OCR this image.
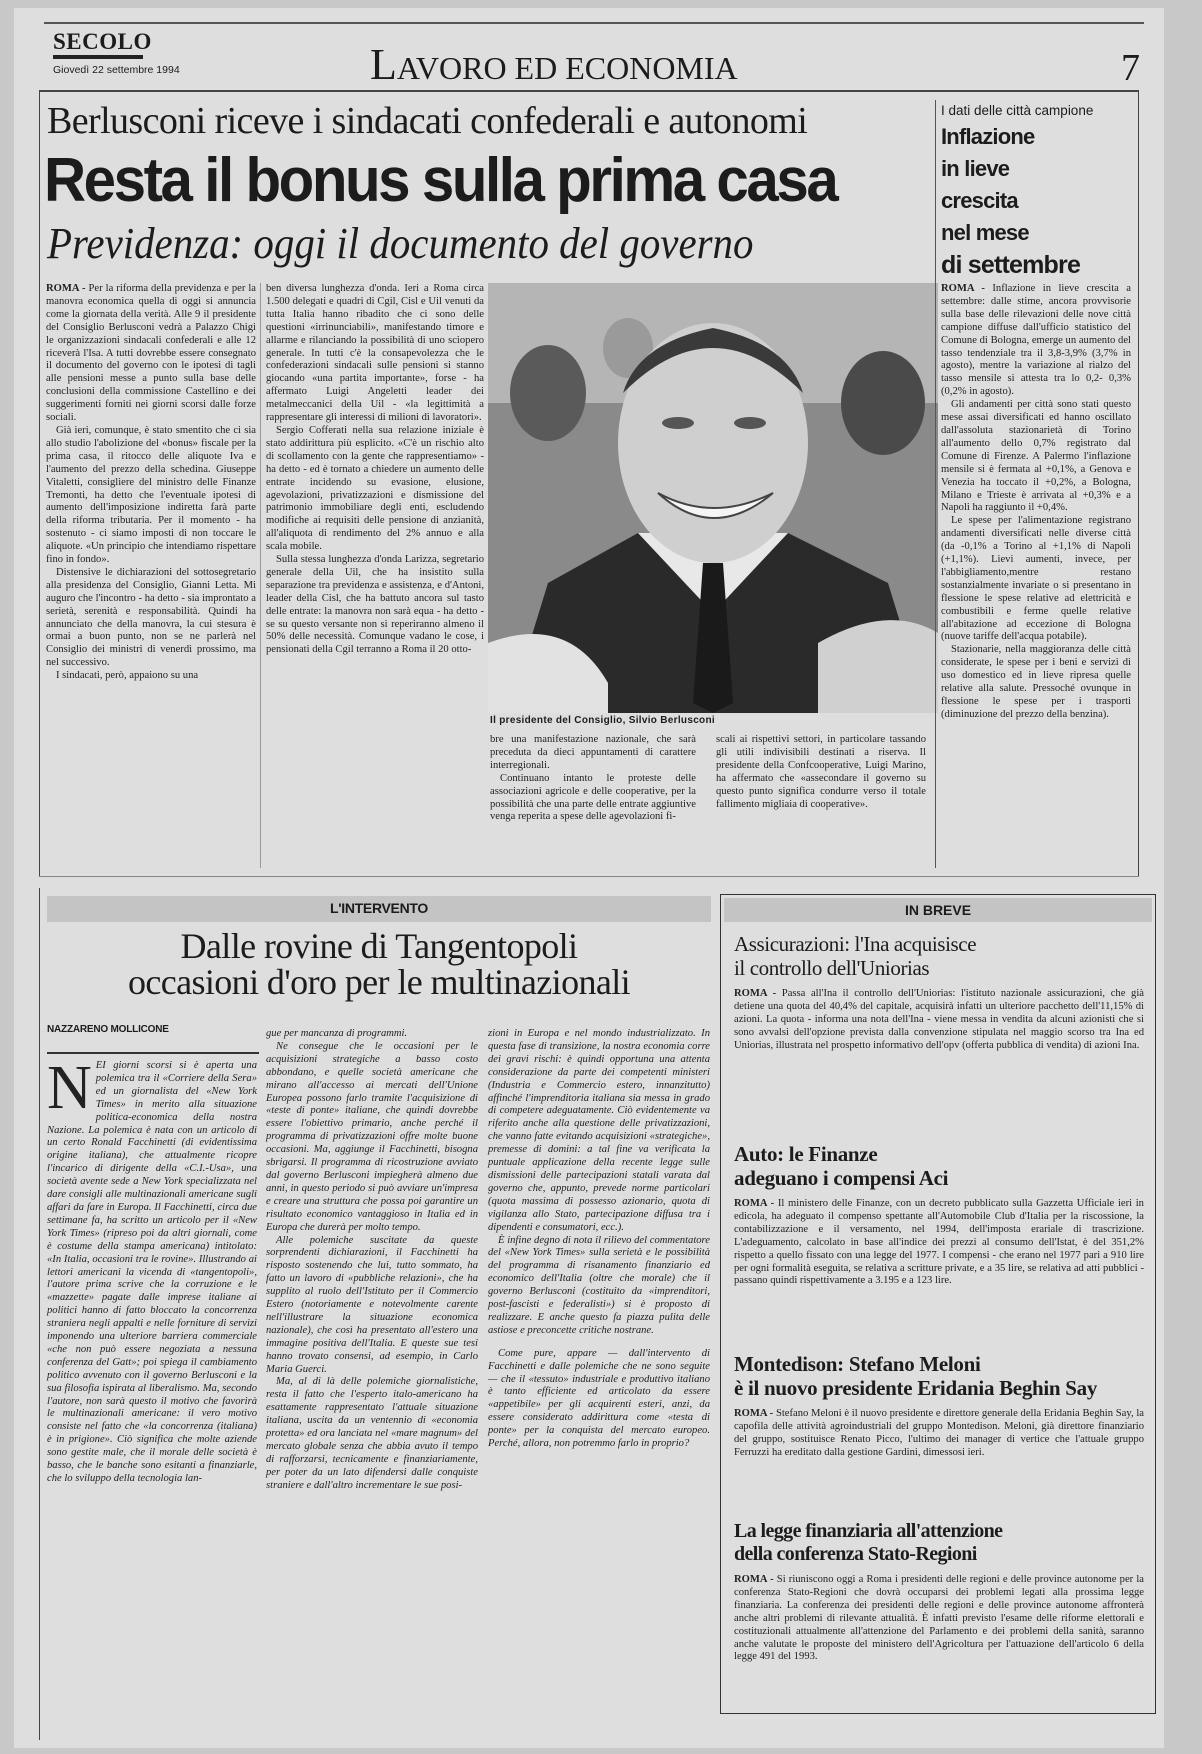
SECOLO
Giovedì 22 settembre 1994	LAVORO ED ECONOMIA	7
Berlusconi riceve i sindacati confederali e autonomi
Resta il bonus sulla prima casa
Previdenza: oggi il documento del governo

ROMA - Per la riforma della previdenza e per la manovra economica quella di oggi si annuncia come la giornata della verità. Alle 9 il presidente del Consiglio Berlusconi vedrà a Palazzo Chigi le organizzazioni sindacali confederali e alle 12 riceverà l'Isa. A tutti dovrebbe essere consegnato il documento del governo con le ipotesi di tagli alle pensioni messe a punto sulla base delle conclusioni della commissione Castellino e dei suggerimenti forniti nei giorni scorsi dalle forze sociali.

Già ieri, comunque, è stato smentito che ci sia allo studio l'abolizione del «bonus» fiscale per la prima casa, il ritocco delle aliquote Iva e l'aumento del prezzo della schedina. Giuseppe Vitaletti, consigliere del ministro delle Finanze Tremonti, ha detto che l'eventuale ipotesi di aumento dell'imposizione indiretta farà parte della riforma tributaria. Per il momento - ha sostenuto - ci siamo imposti di non toccare le aliquote. «Un principio che intendiamo rispettare fino in fondo».

Distensive le dichiarazioni del sottosegretario alla presidenza del Consiglio, Gianni Letta. Mi auguro che l'incontro - ha detto - sia improntato a serietà, serenità e responsabilità. Quindi ha annunciato che della manovra, la cui stesura è ormai a buon punto, non se ne parlerà nel Consiglio dei ministri di venerdì prossimo, ma nel successivo.

I sindacati, però, appaiono su una

ben diversa lunghezza d'onda. Ieri a Roma circa 1.500 delegati e quadri di Cgil, Cisl e Uil venuti da tutta Italia hanno ribadito che ci sono delle questioni «irrinunciabili», manifestando timore e allarme e rilanciando la possibilità di uno sciopero generale. In tutti c'è la consapevolezza che le confederazioni sindacali sulle pensioni si stanno giocando «una partita importante», forse - ha affermato Luigi Angeletti leader dei metalmeccanici della Uil - «la legittimità a rappresentare gli interessi di milioni di lavoratori».

Sergio Cofferati nella sua relazione iniziale è stato addirittura più esplicito. «C'è un rischio alto di scollamento con la gente che rappresentiamo» - ha detto - ed è tornato a chiedere un aumento delle entrate incidendo su evasione, elusione, agevolazioni, privatizzazioni e dismissione del patrimonio immobiliare degli enti, escludendo modifiche ai requisiti delle pensione di anzianità, all'aliquota di rendimento del 2% annuo e alla scala mobile.

Sulla stessa lunghezza d'onda Larizza, segretario generale della Uil, che ha insistito sulla separazione tra previdenza e assistenza, e d'Antoni, leader della Cisl, che ha battuto ancora sul tasto delle entrate: la manovra non sarà equa - ha detto - se su questo versante non si reperiranno almeno il 50% delle necessità. Comunque vadano le cose, i pensionati della Cgil terranno a Roma il 20 otto-

Il presidente del Consiglio, Silvio Berlusconi

bre una manifestazione nazionale, che sarà preceduta da dieci appuntamenti di carattere interregionali.

Continuano intanto le proteste delle associazioni agricole e delle cooperative, per la possibilità che una parte delle entrate aggiuntive venga reperita a spese delle agevolazioni fi-

scali ai rispettivi settori, in particolare tassando gli utili indivisibili destinati a riserva. Il presidente della Confcooperative, Luigi Marino, ha affermato che «assecondare il governo su questo punto significa condurre verso il totale fallimento migliaia di cooperative».

I dati delle città campione
Inflazione
in lieve
crescita
nel mese
di settembre

ROMA - Inflazione in lieve crescita a settembre: dalle stime, ancora provvisorie sulla base delle rilevazioni delle nove città campione diffuse dall'ufficio statistico del Comune di Bologna, emerge un aumento del tasso tendenziale tra il 3,8-3,9% (3,7% in agosto), mentre la variazione al rialzo del tasso mensile si attesta tra lo 0,2- 0,3% (0,2% in agosto).

Gli andamenti per città sono stati questo mese assai diversificati ed hanno oscillato dall'assoluta stazionarietà di Torino all'aumento dello 0,7% registrato dal Comune di Firenze. A Palermo l'inflazione mensile si è fermata al +0,1%, a Genova e Venezia ha toccato il +0,2%, a Bologna, Milano e Trieste è arrivata al +0,3% e a Napoli ha raggiunto il +0,4%.

Le spese per l'alimentazione registrano andamenti diversificati nelle diverse città (da -0,1% a Torino al +1,1% di Napoli (+1,1%). Lievi aumenti, invece, per l'abbigliamento,mentre restano sostanzialmente invariate o si presentano in flessione le spese relative ad elettricità e combustibili e ferme quelle relative all'abitazione ad eccezione di Bologna (nuove tariffe dell'acqua potabile).

Stazionarie, nella maggioranza delle città considerate, le spese per i beni e servizi di uso domestico ed in lieve ripresa quelle relative alla salute. Pressoché ovunque in flessione le spese per i trasporti (diminuzione del prezzo della benzina).

L'INTERVENTO
Dalle rovine di Tangentopoli
occasioni d'oro per le multinazionali
NAZZARENO MOLLICONE

NEI giorni scorsi si è aperta una polemica tra il «Corriere della Sera» ed un giornalista del «New York Times» in merito alla situazione politica-economica della nostra Nazione. La polemica è nata con un articolo di un certo Ronald Facchinetti (di evidentissima origine italiana), che attualmente ricopre l'incarico di dirigente della «C.I.-Usa», una società avente sede a New York specializzata nel dare consigli alle multinazionali americane sugli affari da fare in Europa. Il Facchinetti, circa due settimane fa, ha scritto un articolo per il «New York Times» (ripreso poi da altri giornali, come è costume della stampa americana) intitolato: «In Italia, occasioni tra le rovine». Illustrando ai lettori americani la vicenda di «tangentopoli», l'autore prima scrive che la corruzione e le «mazzette» pagate dalle imprese italiane ai politici hanno di fatto bloccato la concorrenza straniera negli appalti e nelle forniture di servizi imponendo una ulteriore barriera commerciale «che non può essere negoziata a nessuna conferenza del Gatt»; poi spiega il cambiamento politico avvenuto con il governo Berlusconi e la sua filosofia ispirata al liberalismo. Ma, secondo l'autore, non sarà questo il motivo che favorirà le multinazionali americane: il vero motivo consiste nel fatto che «la concorrenza (italiana) è in prigione». Ciò significa che molte aziende sono gestite male, che il morale delle società è basso, che le banche sono esitanti a finanziarle, che lo sviluppo della tecnologia lan-

gue per mancanza di programmi.

Ne consegue che le occasioni per le acquisizioni strategiche a basso costo abbondano, e quelle società americane che mirano all'accesso ai mercati dell'Unione Europea possono farlo tramite l'acquisizione di «teste di ponte» italiane, che quindi dovrebbe essere l'obiettivo primario, anche perché il programma di privatizzazioni offre molte buone occasioni. Ma, aggiunge il Facchinetti, bisogna sbrigarsi. Il programma di ricostruzione avviato dal governo Berlusconi impiegherà almeno due anni, in questo periodo si può avviare un'impresa e creare una struttura che possa poi garantire un risultato economico vantaggioso in Italia ed in Europa che durerà per molto tempo.

Alle polemiche suscitate da queste sorprendenti dichiarazioni, il Facchinetti ha risposto sostenendo che lui, tutto sommato, ha fatto un lavoro di «pubbliche relazioni», che ha supplito al ruolo dell'Istituto per il Commercio Estero (notoriamente e notevolmente carente nell'illustrare la situazione economica nazionale), che così ha presentato all'estero una immagine positiva dell'Italia. E queste sue tesi hanno trovato consensi, ad esempio, in Carlo Maria Guerci.

Ma, al di là delle polemiche giornalistiche, resta il fatto che l'esperto italo-americano ha esattamente rappresentato l'attuale situazione italiana, uscita da un ventennio di «economia protetta» ed ora lanciata nel «mare magnum» del mercato globale senza che abbia avuto il tempo di rafforzarsi, tecnicamente e finanziariamente, per poter da un lato difendersi dalle conquiste straniere e dall'altro incrementare le sue posi-

zioni in Europa e nel mondo industrializzato. In questa fase di transizione, la nostra economia corre dei gravi rischi: è quindi opportuna una attenta considerazione da parte dei competenti ministeri (Industria e Commercio estero, innanzitutto) affinché l'imprenditoria italiana sia messa in grado di competere adeguatamente. Ciò evidentemente va riferito anche alla questione delle privatizzazioni, che vanno fatte evitando acquisizioni «strategiche», premesse di domini: a tal fine va verificata la puntuale applicazione della recente legge sulle dismissioni delle partecipazioni statali varata dal governo che, appunto, prevede norme particolari (quota massima di possesso azionario, quota di vigilanza allo Stato, partecipazione diffusa tra i dipendenti e consumatori, ecc.).

È infine degno di nota il rilievo del commentatore del «New York Times» sulla serietà e le possibilità del programma di risanamento finanziario ed economico dell'Italia (oltre che morale) che il governo Berlusconi (costituito da «imprenditori, post-fascisti e federalisti») si è proposto di realizzare. E anche questo fa piazza pulita delle astiose e preconcette critiche nostrane.

Come pure, appare — dall'intervento di Facchinetti e dalle polemiche che ne sono seguite — che il «tessuto» industriale e produttivo italiano è tanto efficiente ed articolato da essere «appetibile» per gli acquirenti esteri, anzi, da essere considerato addirittura come «testa di ponte» per la conquista del mercato europeo. Perché, allora, non potremmo farlo in proprio?

IN BREVE
Assicurazioni: l'Ina acquisisce
il controllo dell'Uniorias

ROMA - Passa all'Ina il controllo dell'Uniorias: l'istituto nazionale assicurazioni, che già detiene una quota del 40,4% del capitale, acquisirà infatti un ulteriore pacchetto dell'11,15% di azioni. La quota - informa una nota dell'Ina - viene messa in vendita da alcuni azionisti che si sono avvalsi dell'opzione prevista dalla convenzione stipulata nel maggio scorso tra Ina ed Uniorias, illustrata nel prospetto informativo dell'opv (offerta pubblica di vendita) di azioni Ina.

Auto: le Finanze
adeguano i compensi Aci

ROMA - Il ministero delle Finanze, con un decreto pubblicato sulla Gazzetta Ufficiale ieri in edicola, ha adeguato il compenso spettante all'Automobile Club d'Italia per la riscossione, la contabilizzazione e il versamento, nel 1994, dell'imposta erariale di trascrizione. L'adeguamento, calcolato in base all'indice dei prezzi al consumo dell'Istat, è del 351,2% rispetto a quello fissato con una legge del 1977. I compensi - che erano nel 1977 pari a 910 lire per ogni formalità eseguita, se relativa a scritture private, e a 35 lire, se relativa ad atti pubblici - passano quindi rispettivamente a 3.195 e a 123 lire.

Montedison: Stefano Meloni
è il nuovo presidente Eridania Beghin Say

ROMA - Stefano Meloni è il nuovo presidente e direttore generale della Eridania Beghin Say, la capofila delle attività agroindustriali del gruppo Montedison. Meloni, già direttore finanziario del gruppo, sostituisce Renato Picco, l'ultimo dei manager di vertice che l'attuale gruppo Ferruzzi ha ereditato dalla gestione Gardini, dimessosi ieri.

La legge finanziaria all'attenzione
della conferenza Stato-Regioni

ROMA - Si riuniscono oggi a Roma i presidenti delle regioni e delle province autonome per la conferenza Stato-Regioni che dovrà occuparsi dei problemi legati alla prossima legge finanziaria. La conferenza dei presidenti delle regioni e delle province autonome affronterà anche altri problemi di rilevante attualità. È infatti previsto l'esame delle riforme elettorali e costituzionali attualmente all'attenzione del Parlamento e dei problemi della sanità, saranno anche valutate le proposte del ministero dell'Agricoltura per l'attuazione dell'articolo 6 della legge 491 del 1993.
